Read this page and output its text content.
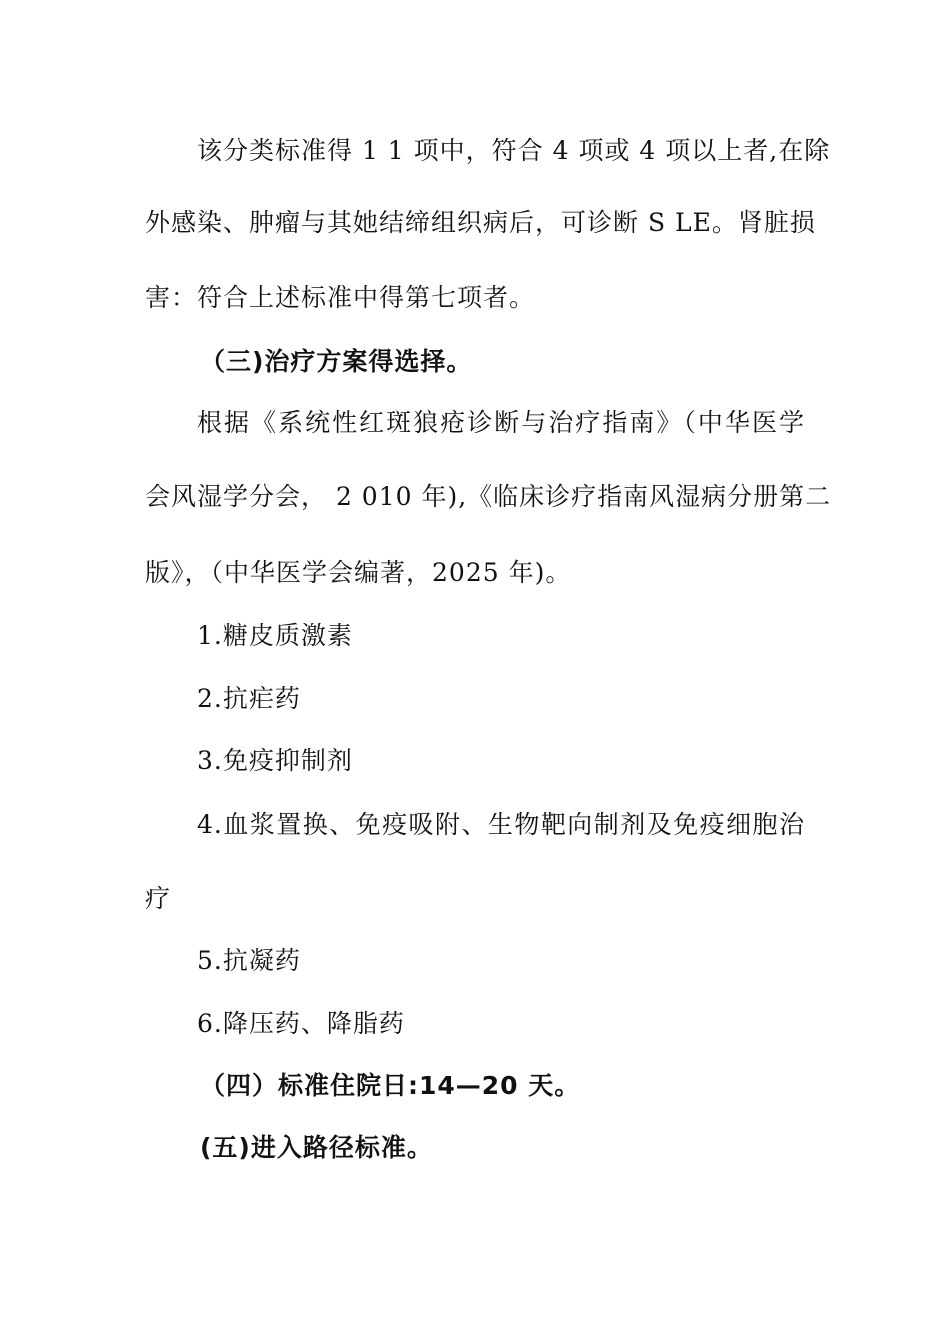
该分类标准得 1 1 项中，符合 4 项或 4 项以上者,在除
外感染、肿瘤与其她结缔组织病后，可诊断 S LE。肾脏损
害：符合上述标准中得第七项者。
（三)治疗方案得选择。
根据《系统性红斑狼疮诊断与治疗指南》（中华医学
会风湿学分会， 2 010 年),《临床诊疗指南风湿病分册第二
版》，（中华医学会编著，2025 年)。
1.糖皮质激素
2.抗疟药
3.免疫抑制剂
4.血浆置换、免疫吸附、生物靶向制剂及免疫细胞治
疗
5.抗凝药
6.降压药、降脂药
（四）标准住院日:14—20 天。
(五)进入路径标准。
